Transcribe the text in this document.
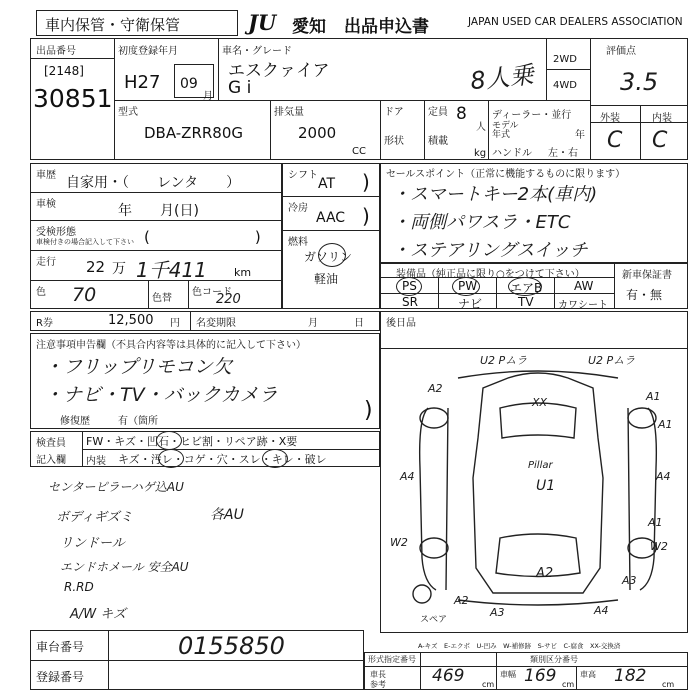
車内保管・守衛保管	JU 愛知 出品申込書	JAPAN USED CAR DEALERS ASSOCIATION
出品番号
[2148]
30851
初度登録年月
H27 09
月
車名・グレード
エスクァイア
G i	8人乗
2WD
4WD
評価点
3.5
型式
DBA-ZRR80G
排気量
2000
CC
ドア
形状
定員 8
人
積載
kg
ディーラー・並行
モデル 年式	年
ハンドル 左・右
外装	内装
C C
車歴 自家用・（　　レンタ　　）
車検	年　　月(日)
受検形態
車検付きの場合記入して下さい (　　　　　　　)
走行 22 万 1千411 km
色 70	色替
色コード
220
シフト
AT )
冷房
AAC )
燃料
ガソリン
軽油
セールスポイント（正常に機能するものに限ります）
・スマートキー2本(車内)
・両側パワスラ・ETC
・ステアリングスイッチ
装備品（純正品に限り○をつけて下さい）
PS	PW	エアB	AW
SR	ナビ	TV カワシート
新車保証書
有・無
R券	12,500 円 名変期限	月	日 後日品
注意事項申告欄（不具合内容等は具体的に記入して下さい）
・フリップリモコン欠
・ナビ・TV・バックカメラ
修復歴	有（箇所	)
検査員
記入欄
FW・キズ・凹石・ヒビ割・リペア跡・X要
内装 キズ・汚レ・コゲ・穴・スレ・キレ・破レ
センターピラーハゲ込AU
ボディギズミ	各AU
リンドール
エンドホメール 安全AU
R.RD
A/W キズ
U2 Pムラ	U2 Pムラ
A2
A1
XX
A1
A4
Pillar
U1
A4
W2
A1
W2
A2	A3
A2
A3	A4
スペア
A-キズ　E-エクボ　U-凹み　W-補修跡　S-サビ　C-腐食　XX-交換済
車台番号	0155850
登録番号
形式指定番号	類別区分番号
車長
参考	469 cm
車幅 169 cm
車高 182 cm
